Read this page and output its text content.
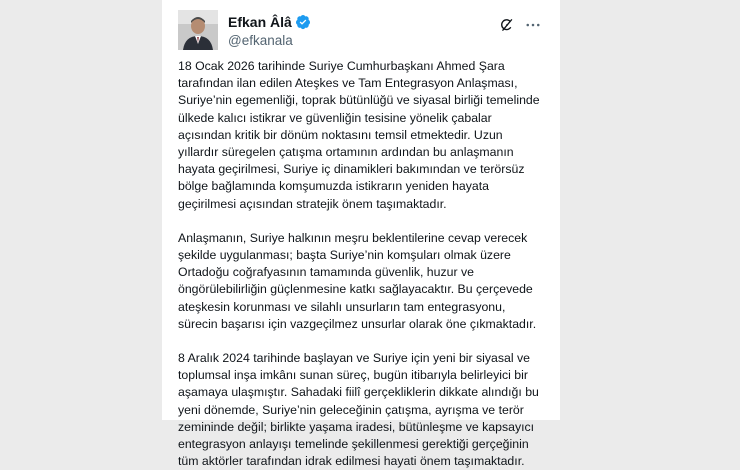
Efkan Âlâ
@efkanala

18 Ocak 2026 tarihinde Suriye Cumhurbaşkanı Ahmed Şara tarafından ilan edilen Ateşkes ve Tam Entegrasyon Anlaşması, Suriye’nin egemenliği, toprak bütünlüğü ve siyasal birliği temelinde ülkede kalıcı istikrar ve güvenliğin tesisine yönelik çabalar açısından kritik bir dönüm noktasını temsil etmektedir. Uzun yıllardır süregelen çatışma ortamının ardından bu anlaşmanın hayata geçirilmesi, Suriye iç dinamikleri bakımından ve terörsüz bölge bağlamında komşumuzda istikrarın yeniden hayata geçirilmesi açısından stratejik önem taşımaktadır.

Anlaşmanın, Suriye halkının meşru beklentilerine cevap verecek şekilde uygulanması; başta Suriye’nin komşuları olmak üzere Ortadoğu coğrafyasının tamamında güvenlik, huzur ve öngörülebilirliğin güçlenmesine katkı sağlayacaktır. Bu çerçevede ateşkesin korunması ve silahlı unsurların tam entegrasyonu, sürecin başarısı için vazgeçilmez unsurlar olarak öne çıkmaktadır.

8 Aralık 2024 tarihinde başlayan ve Suriye için yeni bir siyasal ve toplumsal inşa imkânı sunan süreç, bugün itibarıyla belirleyici bir aşamaya ulaşmıştır. Sahadaki fiilî gerçekliklerin dikkate alındığı bu yeni dönemde, Suriye’nin geleceğinin çatışma, ayrışma ve terör zemininde değil; birlikte yaşama iradesi, bütünleşme ve kapsayıcı entegrasyon anlayışı temelinde şekillenmesi gerektiği gerçeğinin tüm aktörler tarafından idrak edilmesi hayati önem taşımaktadır.
